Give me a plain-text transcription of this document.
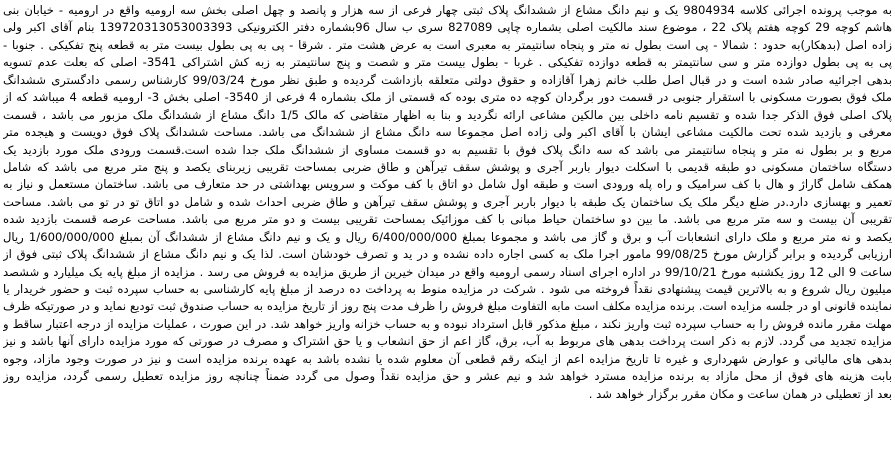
به موجب پرونده اجرائی کلاسه 9804934 یک و نیم دانگ مشاع از ششدانگ پلاک ثبتی چهار فرعی از سه هزار و پانصد و چهل اصلی بخش سه ارومیه واقع در ارومیه - خیابان بنی
هاشم کوچه 29 کوچه هفتم پلاک 22 ، موضوع سند مالکیت اصلی بشماره چاپی 827089 سری ب سال 96بشماره دفتر الکترونیکی 139720313053003393 بنام آقای اکبر ولی
زاده اصل (بدهکار)به حدود : شمالا - پی است بطول نه متر و پنجاه سانتیمتر به معبری است به عرض هشت متر . شرقا - پی به پی بطول بیست متر به قطعه پنج تفکیکی . جنوبا -
پی به پی بطول دوازده متر و سی سانتیمتر به قطعه دوازده تفکیکی . غربا - بطول بیست متر و شصت و پنج سانتیمتر به زبه کش اشتراکی 3541- اصلی که بعلت عدم تسویه
بدهی اجرائیه صادر شده است و در قبال اصل طلب خانم زهرا آقازاده و حقوق دولتی متعلقه بازداشت گردیده و طبق نظر مورخ 99/03/24 کارشناس رسمی دادگستری ششدانگ
ملک فوق بصورت مسکونی با استقرار جنوبی در قسمت دور برگردان کوچه ده متری بوده که قسمتی از ملک بشماره 4 فرعی از 3540- اصلی بخش 3- ارومیه قطعه 4 میباشد که از
پلاک اصلی فوق الذکر جدا شده و تقسیم نامه داخلی بین مالکین مشاعی ارائه نگردید و بنا به اظهار متقاضی که مالک 1/5 دانگ مشاع از ششدانگ ملک مزبور می باشد ، قسمت
معرفی و بازدید شده تحت مالکیت مشاعی ایشان با آقای اکبر ولی زاده اصل مجموعا سه دانگ مشاع از ششدانگ می باشد. مساحت ششدانگ پلاک فوق دویست و هیجده متر
مربع و بر بطول نه متر و پنجاه سانتیمتر می باشد که سه دانگ پلاک فوق با تقسیم به دو قسمت مساوی از ششدانگ ملک جدا شده است.قسمت ورودی ملک مورد بازدید یک
دستگاه ساختمان مسکونی دو طبقه قدیمی با اسکلت دیوار باربر آجری و پوشش سقف تیرآهن و طاق ضربی بمساحت تقریبی زیربنای یکصد و پنج متر مربع می باشد که شامل
همکف شامل گاراژ و هال با کف سرامیک و راه پله ورودی است و طبقه اول شامل دو اتاق با کف موکت و سرویس بهداشتی در حد متعارف می باشد. ساختمان مستعمل و نیاز به
تعمیر و بهسازی دارد.در ضلع دیگر ملک یک ساختمان یک طبقه با دیوار باربر آجری و پوشش سقف تیرآهن و طاق ضربی احداث شده و شامل دو اتاق تو در تو می باشد. مساحت
تقریبی آن بیست و سه متر مربع می باشد. ما بین دو ساختمان حیاط مبانی با کف موزائیک بمساحت تقریبی بیست و دو متر مربع می باشد. مساحت عرصه قسمت بازدید شده
یکصد و نه متر مربع و ملک دارای انشعابات آب و برق و گاز می باشد و مجموعا بمبلغ 6/400/000/000 ریال و یک و نیم دانگ مشاع از ششدانگ آن بمبلغ 1/600/000/000 ریال
ارزیابی گردیده و برابر گزارش مورخ 99/08/25 مامور اجرا ملک به کسی اجاره داده نشده و در ید و تصرف خودشان است. لذا یک و نیم دانگ مشاع از ششدانگ پلاک ثبتی فوق از
ساعت 9 الی 12 روز یکشنبه مورخ 99/10/21 در اداره اجرای اسناد رسمی ارومیه واقع در میدان خیرین از طریق مزایده به فروش می رسد . مزایده از مبلغ پایه یک میلیارد و ششصد
میلیون ریال شروع و به بالاترین قیمت پیشنهادی نقداً فروخته می شود . شرکت در مزایده منوط به پرداخت ده درصد از مبلغ پایه کارشناسی به حساب سپرده ثبت و حضور خریدار یا
نماینده قانونی او در جلسه مزایده است. برنده مزایده مکلف است مابه التفاوت مبلغ فروش را ظرف مدت پنج روز از تاریخ مزایده به حساب صندوق ثبت تودیع نماید و در صورتیکه ظرف
مهلت مقرر مانده فروش را به حساب سپرده ثبت واریز نکند ، مبلغ مذکور قابل استرداد نبوده و به حساب خزانه واریز خواهد شد. در این صورت ، عملیات مزایده از درجه اعتبار ساقط و
مزایده تجدید می گردد. لازم به ذکر است پرداخت بدهی های مربوط به آب، برق، گاز اعم از حق انشعاب و یا حق اشتراک و مصرف در صورتی که مورد مزایده دارای آنها باشد و نیز
بدهی های مالیاتی و عوارض شهرداری و غیره تا تاریخ مزایده اعم از اینکه رقم قطعی آن معلوم شده یا نشده باشد به عهده برنده مزایده است و نیز در صورت وجود مازاد، وجوه
بابت هزینه های فوق از محل مازاد به برنده مزایده مسترد خواهد شد و نیم عشر و حق مزایده نقداً وصول می گردد ضمناً چنانچه روز مزایده تعطیل رسمی گردد، مزایده روز
بعد از تعطیلی در همان ساعت و مکان مقرر برگزار خواهد شد .
